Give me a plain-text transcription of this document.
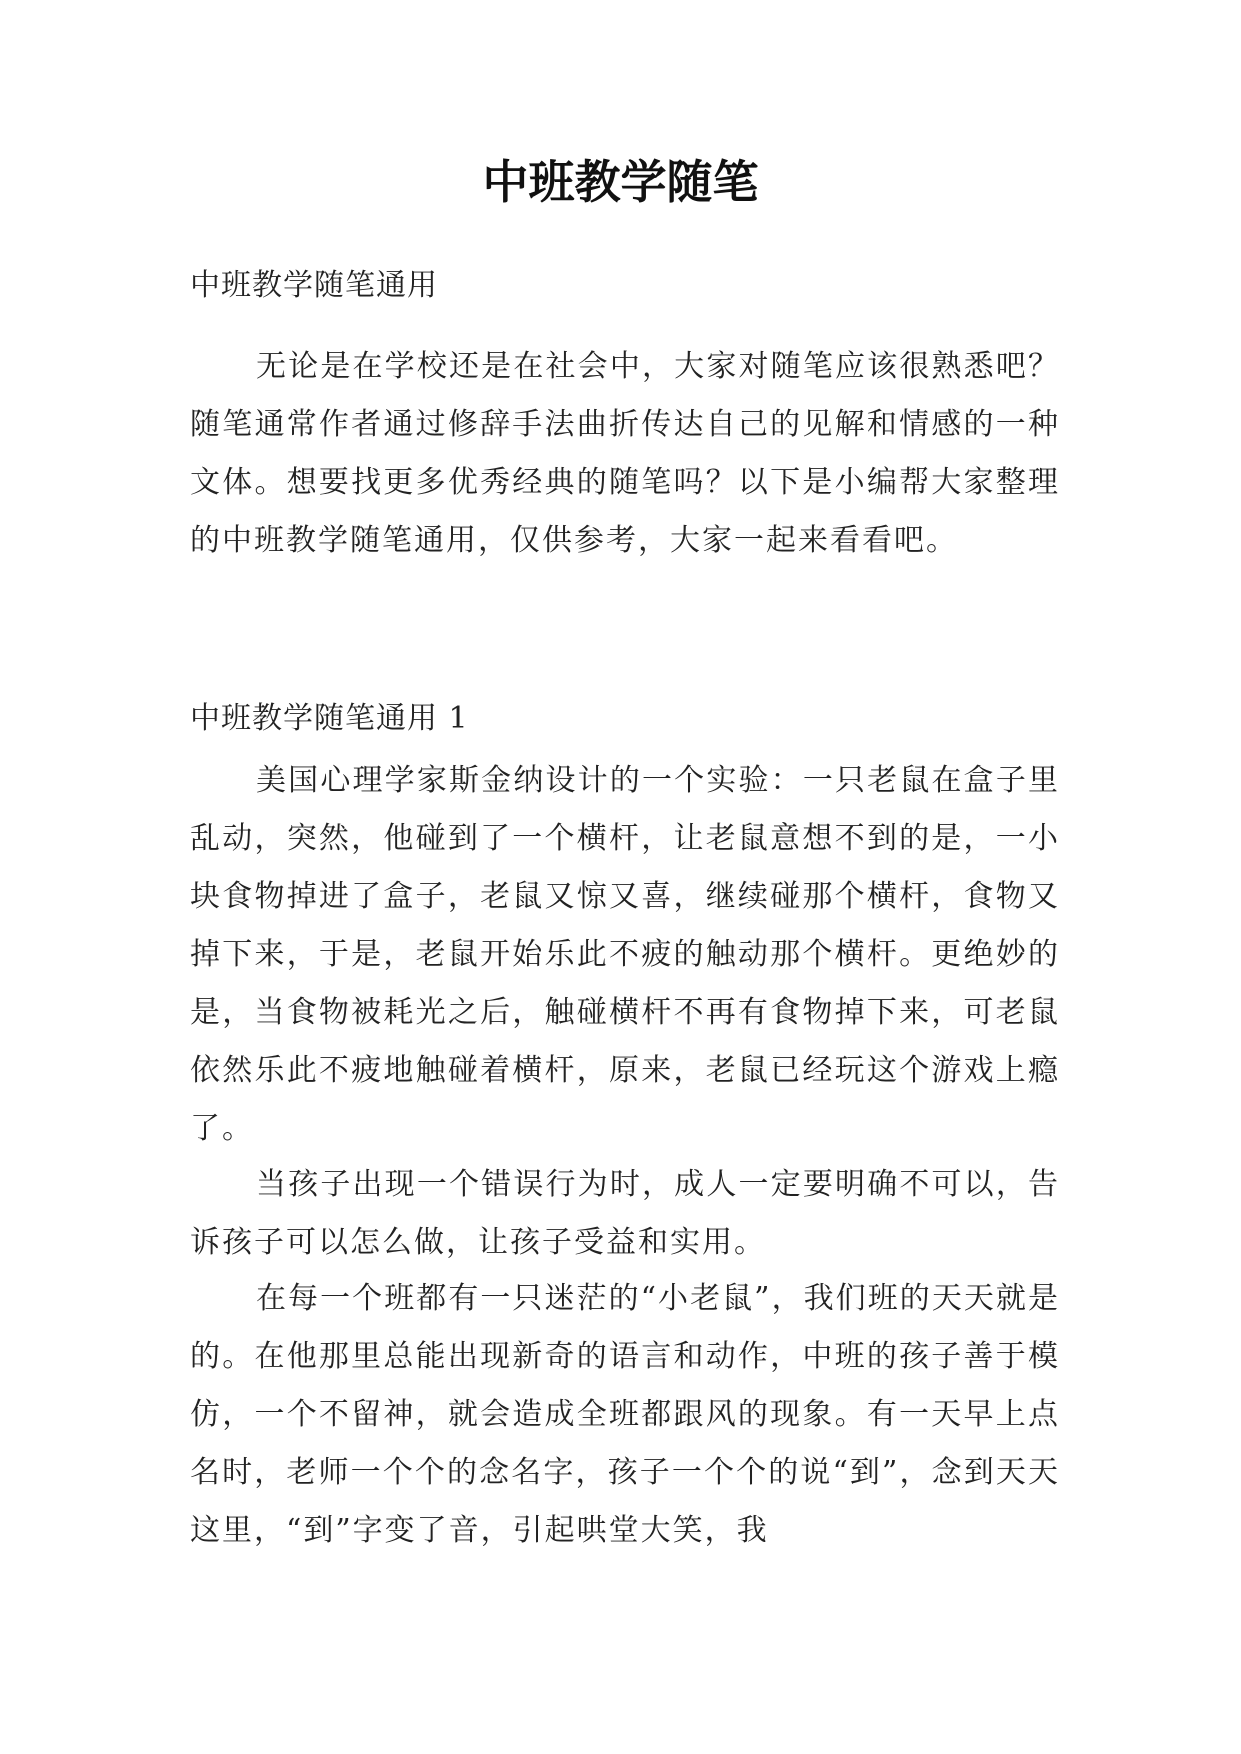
中班教学随笔
中班教学随笔通用

无论是在学校还是在社会中，大家对随笔应该很熟悉吧？随笔通常作者通过修辞手法曲折传达自己的见解和情感的一种文体。想要找更多优秀经典的随笔吗？以下是小编帮大家整理的中班教学随笔通用，仅供参考，大家一起来看看吧。

中班教学随笔通用 1

美国心理学家斯金纳设计的一个实验：一只老鼠在盒子里乱动，突然，他碰到了一个横杆，让老鼠意想不到的是，一小块食物掉进了盒子，老鼠又惊又喜，继续碰那个横杆，食物又掉下来，于是，老鼠开始乐此不疲的触动那个横杆。更绝妙的是，当食物被耗光之后，触碰横杆不再有食物掉下来，可老鼠依然乐此不疲地触碰着横杆，原来，老鼠已经玩这个游戏上瘾了。

当孩子出现一个错误行为时，成人一定要明确不可以，告诉孩子可以怎么做，让孩子受益和实用。

在每一个班都有一只迷茫的“小老鼠”，我们班的天天就是的。在他那里总能出现新奇的语言和动作，中班的孩子善于模仿，一个不留神，就会造成全班都跟风的现象。有一天早上点名时，老师一个个的念名字，孩子一个个的说“到”，念到天天这里，“到”字变了音，引起哄堂大笑，我
